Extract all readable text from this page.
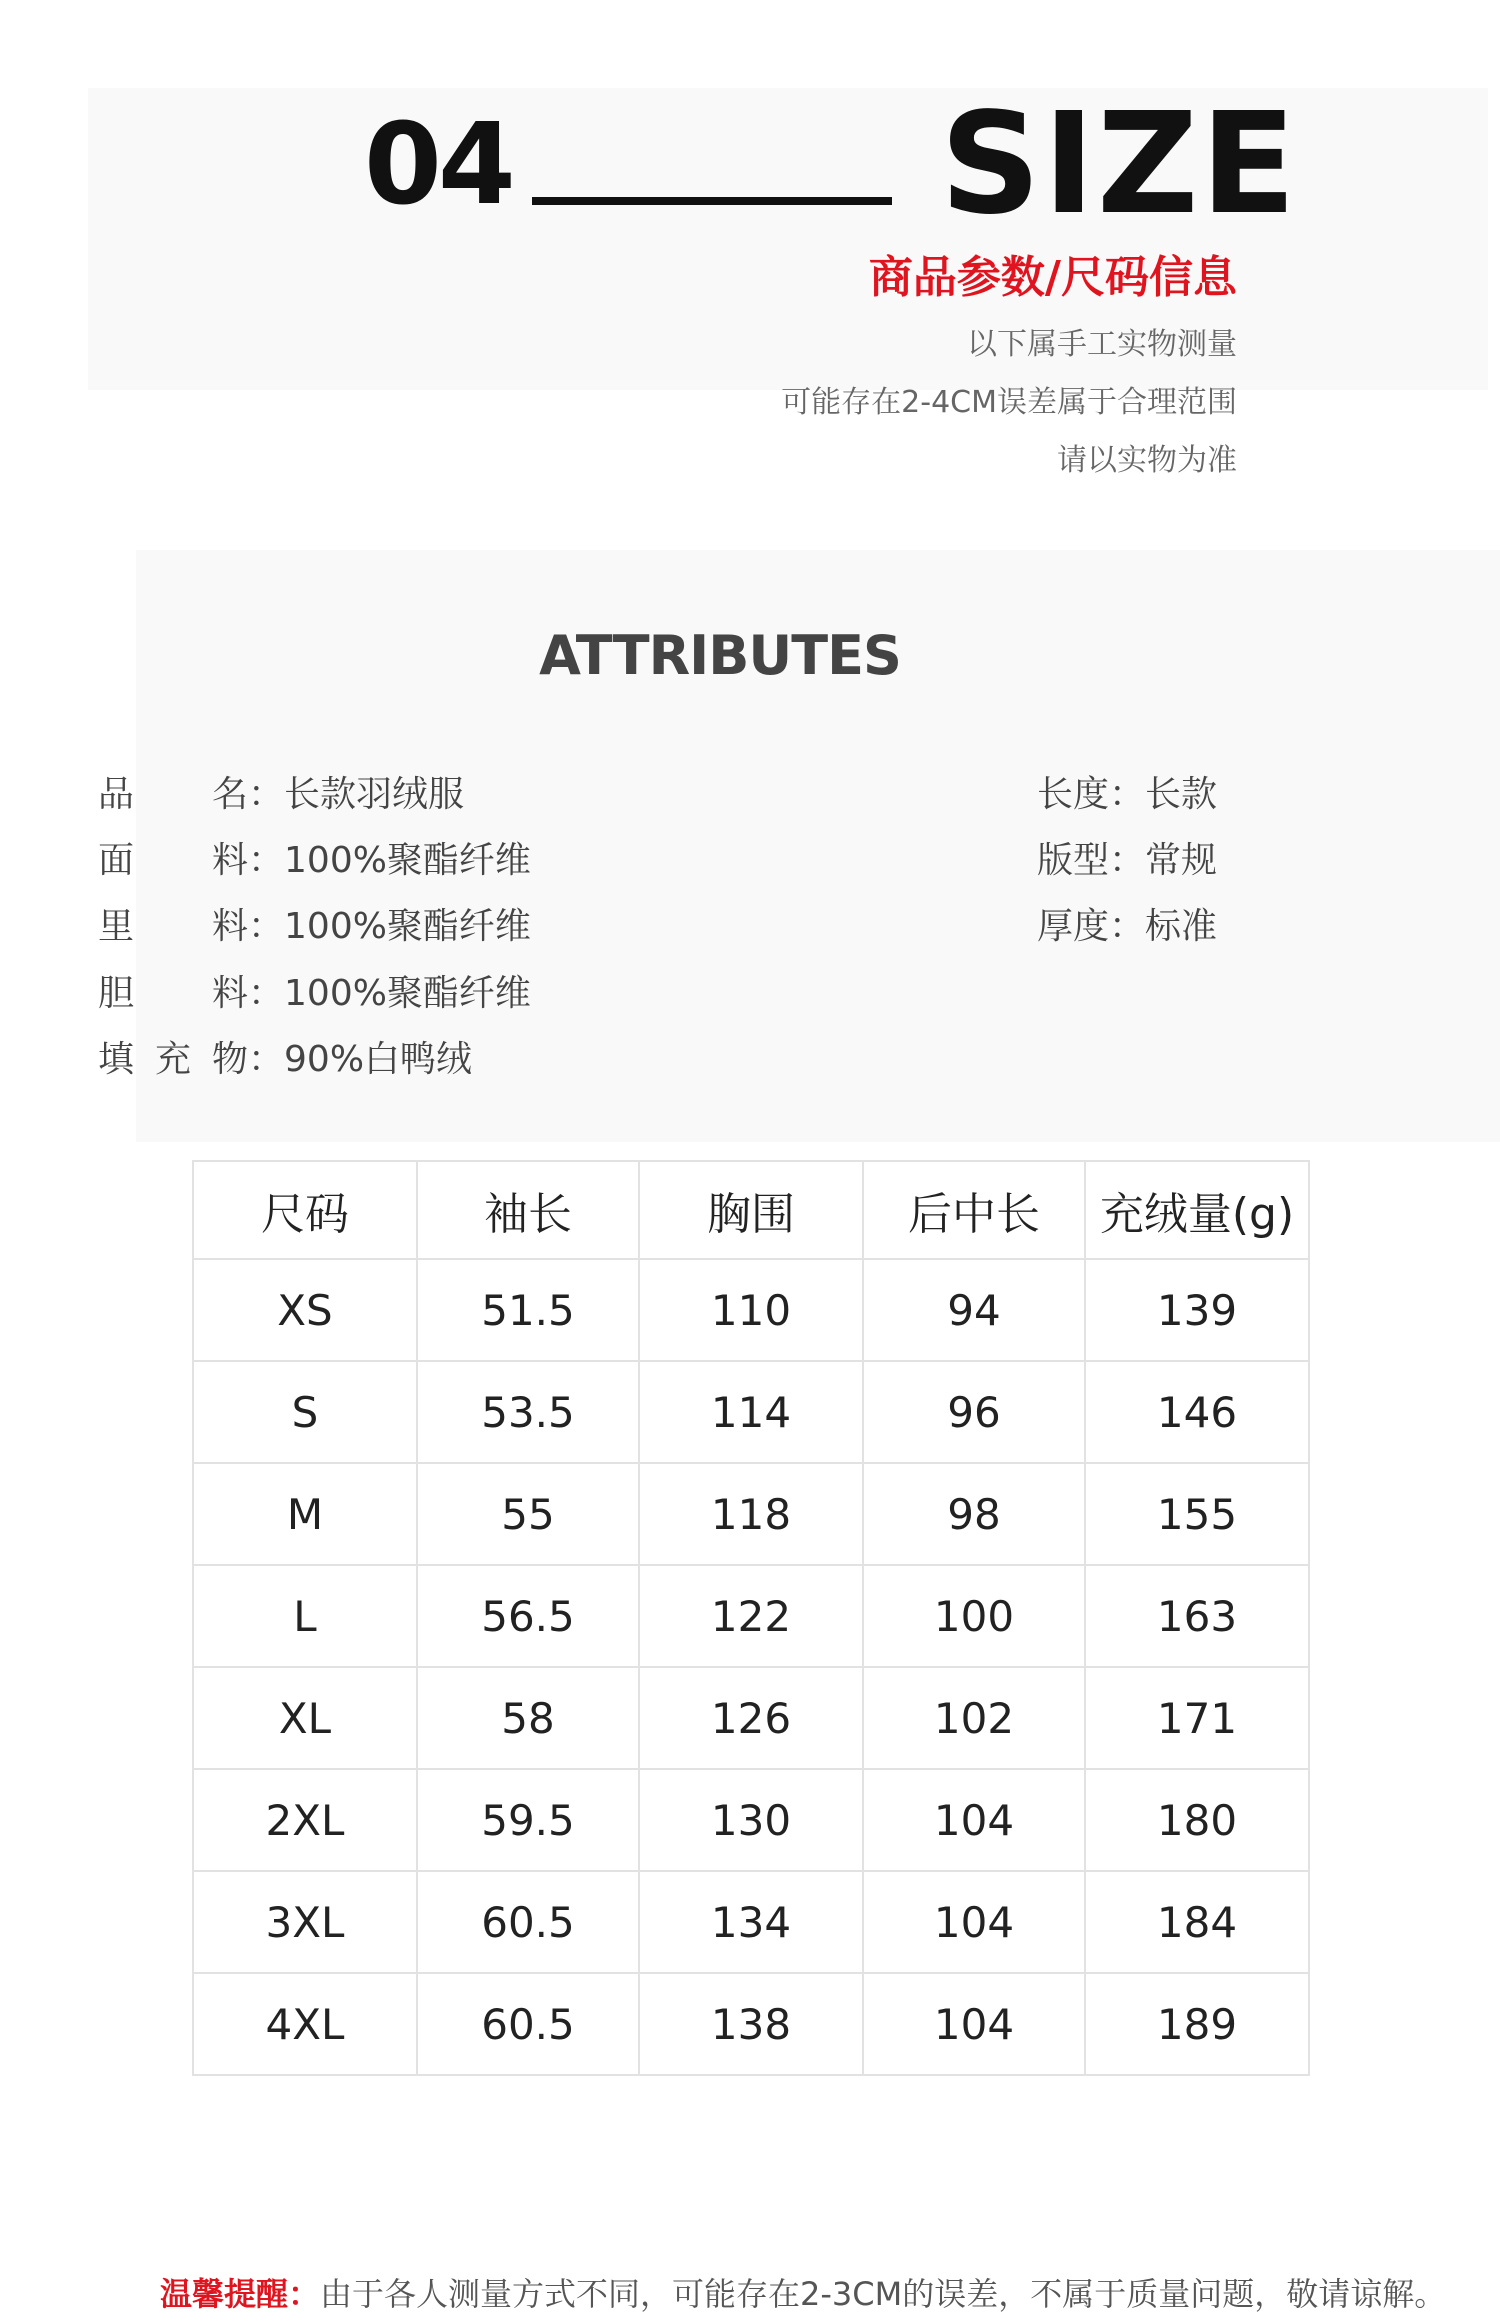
04	SIZE
商品参数/尺码信息
以下属手工实物测量
可能存在2-4CM误差属于合理范围
请以实物为准
ATTRIBUTES
品名：长款羽绒服
面料：100%聚酯纤维
里料：100%聚酯纤维
胆料：100%聚酯纤维
填充物：90%白鸭绒
长度：长款
版型：常规
厚度：标准
尺码	袖长	胸围	后中长	充绒量(g)
XS	51.5	110	94	139
S	53.5	114	96	146
M	55	118	98	155
L	56.5	122	100	163
XL	58	126	102	171
2XL	59.5	130	104	180
3XL	60.5	134	104	184
4XL	60.5	138	104	189
温馨提醒：由于各人测量方式不同，可能存在2-3CM的误差，不属于质量问题，敬请谅解。
